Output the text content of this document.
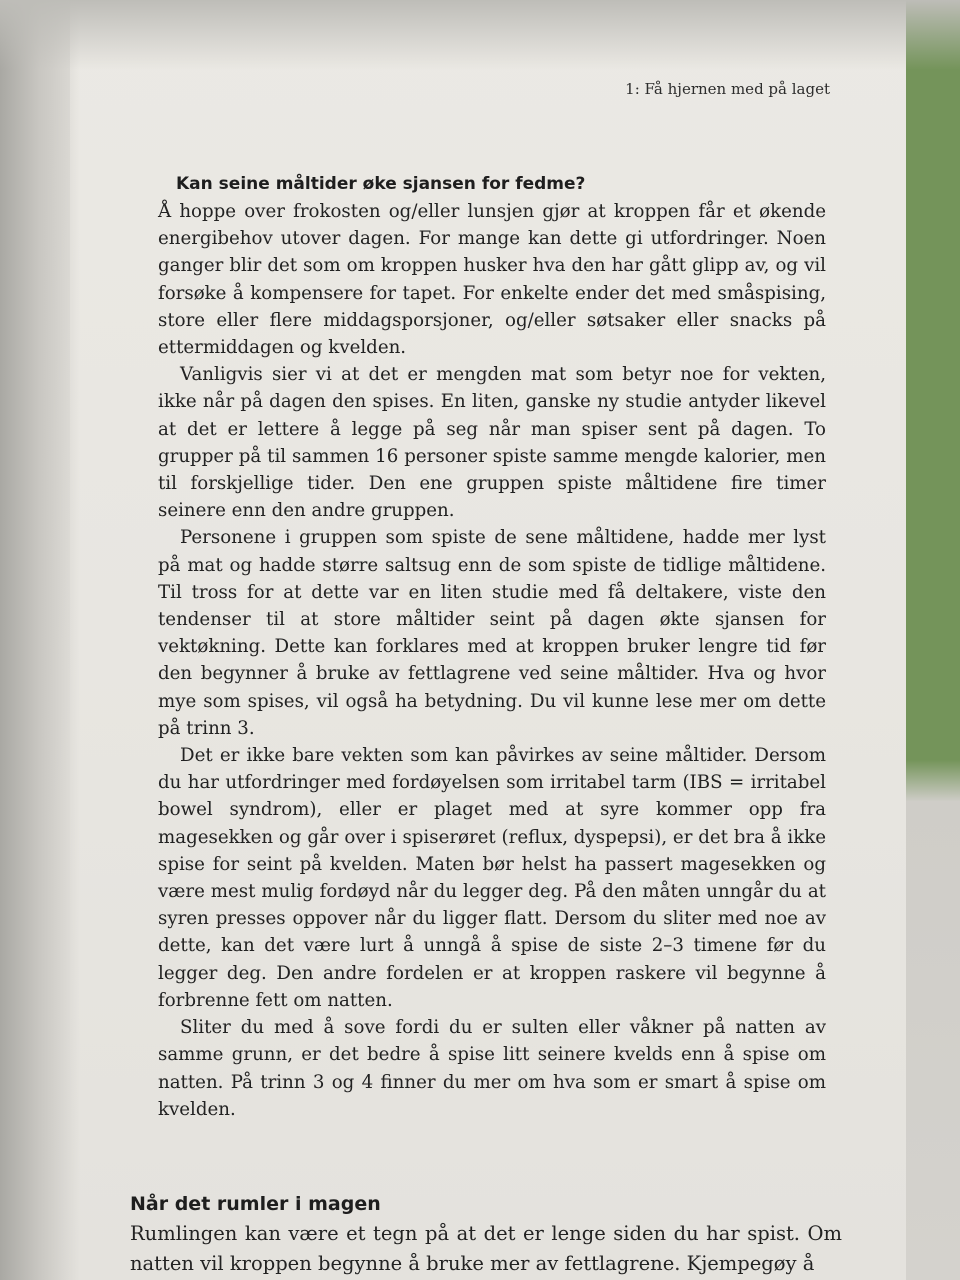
1: Få hjernen med på laget
Kan seine måltider øke sjansen for fedme?

Å hoppe over frokosten og/eller lunsjen gjør at kroppen får et økende energibehov utover dagen. For mange kan dette gi utfordringer. Noen ganger blir det som om kroppen husker hva den har gått glipp av, og vil forsøke å kompensere for tapet. For enkelte ender det med småspising, store eller flere middagsporsjoner, og/eller søtsaker eller snacks på ettermiddagen og kvelden.

Vanligvis sier vi at det er mengden mat som betyr noe for vekten, ikke når på dagen den spises. En liten, ganske ny studie antyder likevel at det er lettere å legge på seg når man spiser sent på dagen. To grupper på til sammen 16 personer spiste samme mengde kalorier, men til forskjellige tider. Den ene gruppen spiste måltidene fire timer seinere enn den andre gruppen.

Personene i gruppen som spiste de sene måltidene, hadde mer lyst på mat og hadde større saltsug enn de som spiste de tidlige måltidene. Til tross for at dette var en liten studie med få deltakere, viste den tendenser til at store måltider seint på dagen økte sjansen for vektøkning. Dette kan forklares med at kroppen bruker lengre tid før den begynner å bruke av fettlagrene ved seine måltider. Hva og hvor mye som spises, vil også ha betydning. Du vil kunne lese mer om dette på trinn 3.

Det er ikke bare vekten som kan påvirkes av seine måltider. Dersom du har utfordringer med fordøyelsen som irritabel tarm (IBS = irritabel bowel syndrom), eller er plaget med at syre kommer opp fra magesekken og går over i spiserøret (reflux, dyspepsi), er det bra å ikke spise for seint på kvelden. Maten bør helst ha passert magesekken og være mest mulig fordøyd når du legger deg. På den måten unngår du at syren presses oppover når du ligger flatt. Dersom du sliter med noe av dette, kan det være lurt å unngå å spise de siste 2–3 timene før du legger deg. Den andre fordelen er at kroppen raskere vil begynne å forbrenne fett om natten.

Sliter du med å sove fordi du er sulten eller våkner på natten av samme grunn, er det bedre å spise litt seinere kvelds enn å spise om natten. På trinn 3 og 4 finner du mer om hva som er smart å spise om kvelden.

Når det rumler i magen

Rumlingen kan være et tegn på at det er lenge siden du har spist. Om natten vil kroppen begynne å bruke mer av fettlagrene. Kjempegøy å
